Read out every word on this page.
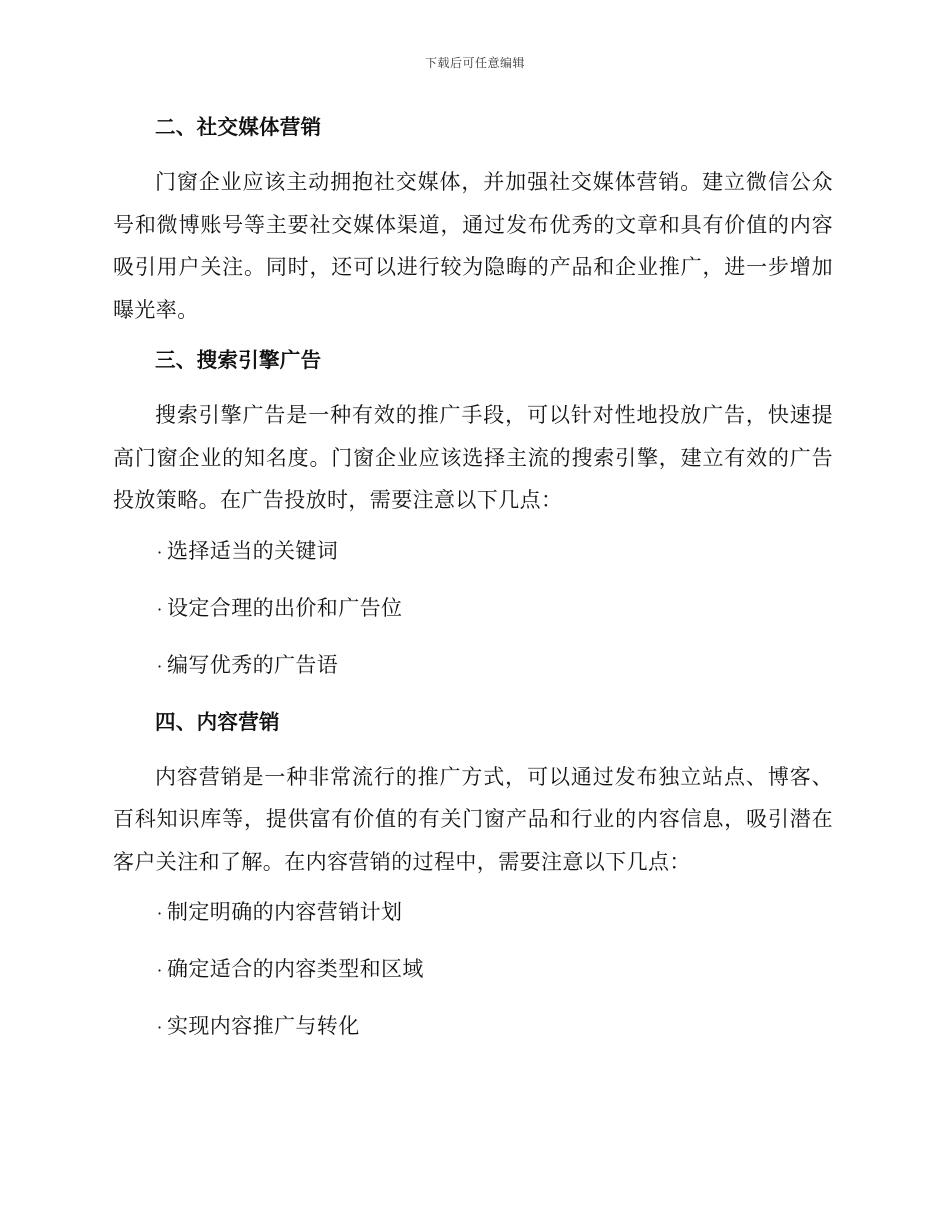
下载后可任意编辑
二、社交媒体营销

门窗企业应该主动拥抱社交媒体，并加强社交媒体营销。建立微信公众号和微博账号等主要社交媒体渠道，通过发布优秀的文章和具有价值的内容吸引用户关注。同时，还可以进行较为隐晦的产品和企业推广，进一步增加曝光率。

三、搜索引擎广告

搜索引擎广告是一种有效的推广手段，可以针对性地投放广告，快速提高门窗企业的知名度。门窗企业应该选择主流的搜索引擎，建立有效的广告投放策略。在广告投放时，需要注意以下几点：

· 选择适当的关键词
· 设定合理的出价和广告位
· 编写优秀的广告语
四、内容营销

内容营销是一种非常流行的推广方式，可以通过发布独立站点、博客、百科知识库等，提供富有价值的有关门窗产品和行业的内容信息，吸引潜在客户关注和了解。在内容营销的过程中，需要注意以下几点：

· 制定明确的内容营销计划
· 确定适合的内容类型和区域
· 实现内容推广与转化
